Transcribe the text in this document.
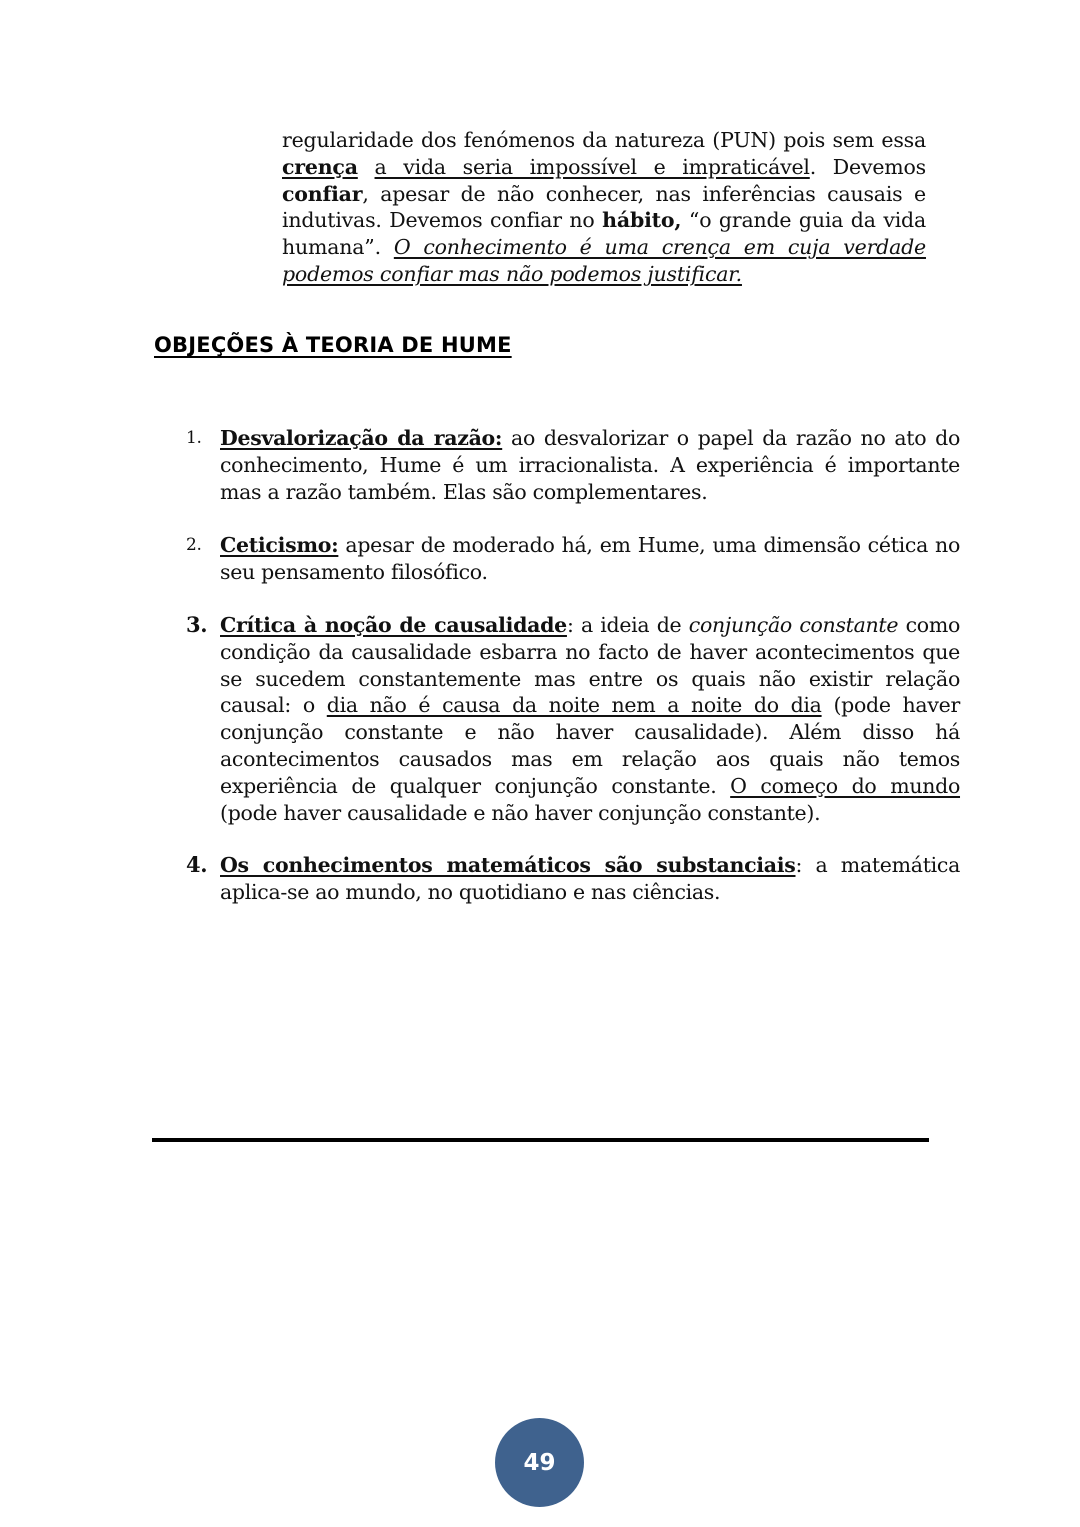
regularidade dos fenómenos da natureza (PUN) pois sem essa crença a vida seria impossível e impraticável. Devemos confiar, apesar de não conhecer, nas inferências causais e indutivas. Devemos confiar no hábito, “o grande guia da vida humana”. O conhecimento é uma crença em cuja verdade podemos confiar mas não podemos justificar.
OBJEÇÕES À TEORIA DE HUME
1. Desvalorização da razão: ao desvalorizar o papel da razão no ato do conhecimento, Hume é um irracionalista. A experiência é importante mas a razão também. Elas são complementares.
2. Ceticismo: apesar de moderado há, em Hume, uma dimensão cética no seu pensamento filosófico.
3. Crítica à noção de causalidade: a ideia de conjunção constante como condição da causalidade esbarra no facto de haver acontecimentos que se sucedem constantemente mas entre os quais não existir relação causal: o dia não é causa da noite nem a noite do dia (pode haver conjunção constante e não haver causalidade). Além disso há acontecimentos causados mas em relação aos quais não temos experiência de qualquer conjunção constante. O começo do mundo (pode haver causalidade e não haver conjunção constante).
4. Os conhecimentos matemáticos são substanciais: a matemática aplica-se ao mundo, no quotidiano e nas ciências.
49
